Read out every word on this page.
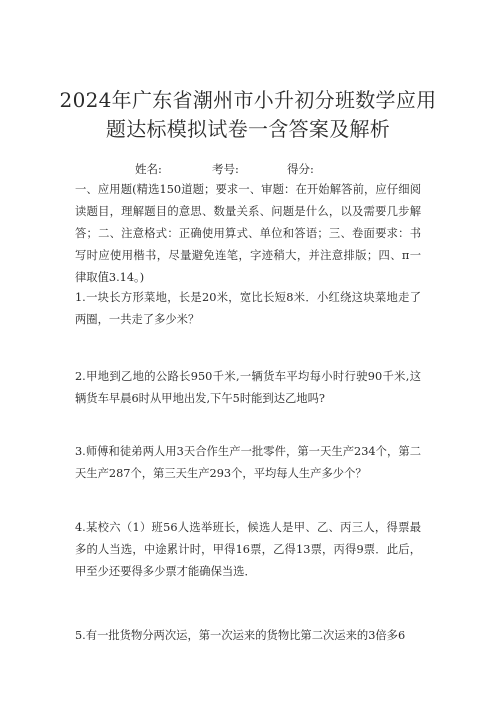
2024年广东省潮州市小升初分班数学应用
题达标模拟试卷一含答案及解析
姓名:	考号:	得分:

一、应用题(精选150道题；要求一、审题：在开始解答前，应仔细阅读题目，理解题目的意思、数量关系、问题是什么，以及需要几步解答；二、注意格式：正确使用算式、单位和答语；三、卷面要求：书写时应使用楷书，尽量避免连笔，字迹稍大，并注意排版；四、π一律取值3.14。)

1.一块长方形菜地，长是20米，宽比长短8米．小红绕这块菜地走了两圈，一共走了多少米？

2.甲地到乙地的公路长950千米,一辆货车平均每小时行驶90千米,这辆货车早晨6时从甲地出发,下午5时能到达乙地吗?

3.师傅和徒弟两人用3天合作生产一批零件，第一天生产234个，第二天生产287个，第三天生产293个，平均每人生产多少个？

4.某校六（1）班56人选举班长，候选人是甲、乙、丙三人，得票最多的人当选，中途累计时，甲得16票，乙得13票，丙得9票．此后，甲至少还要得多少票才能确保当选．

5.有一批货物分两次运，第一次运来的货物比第二次运来的3倍多6
